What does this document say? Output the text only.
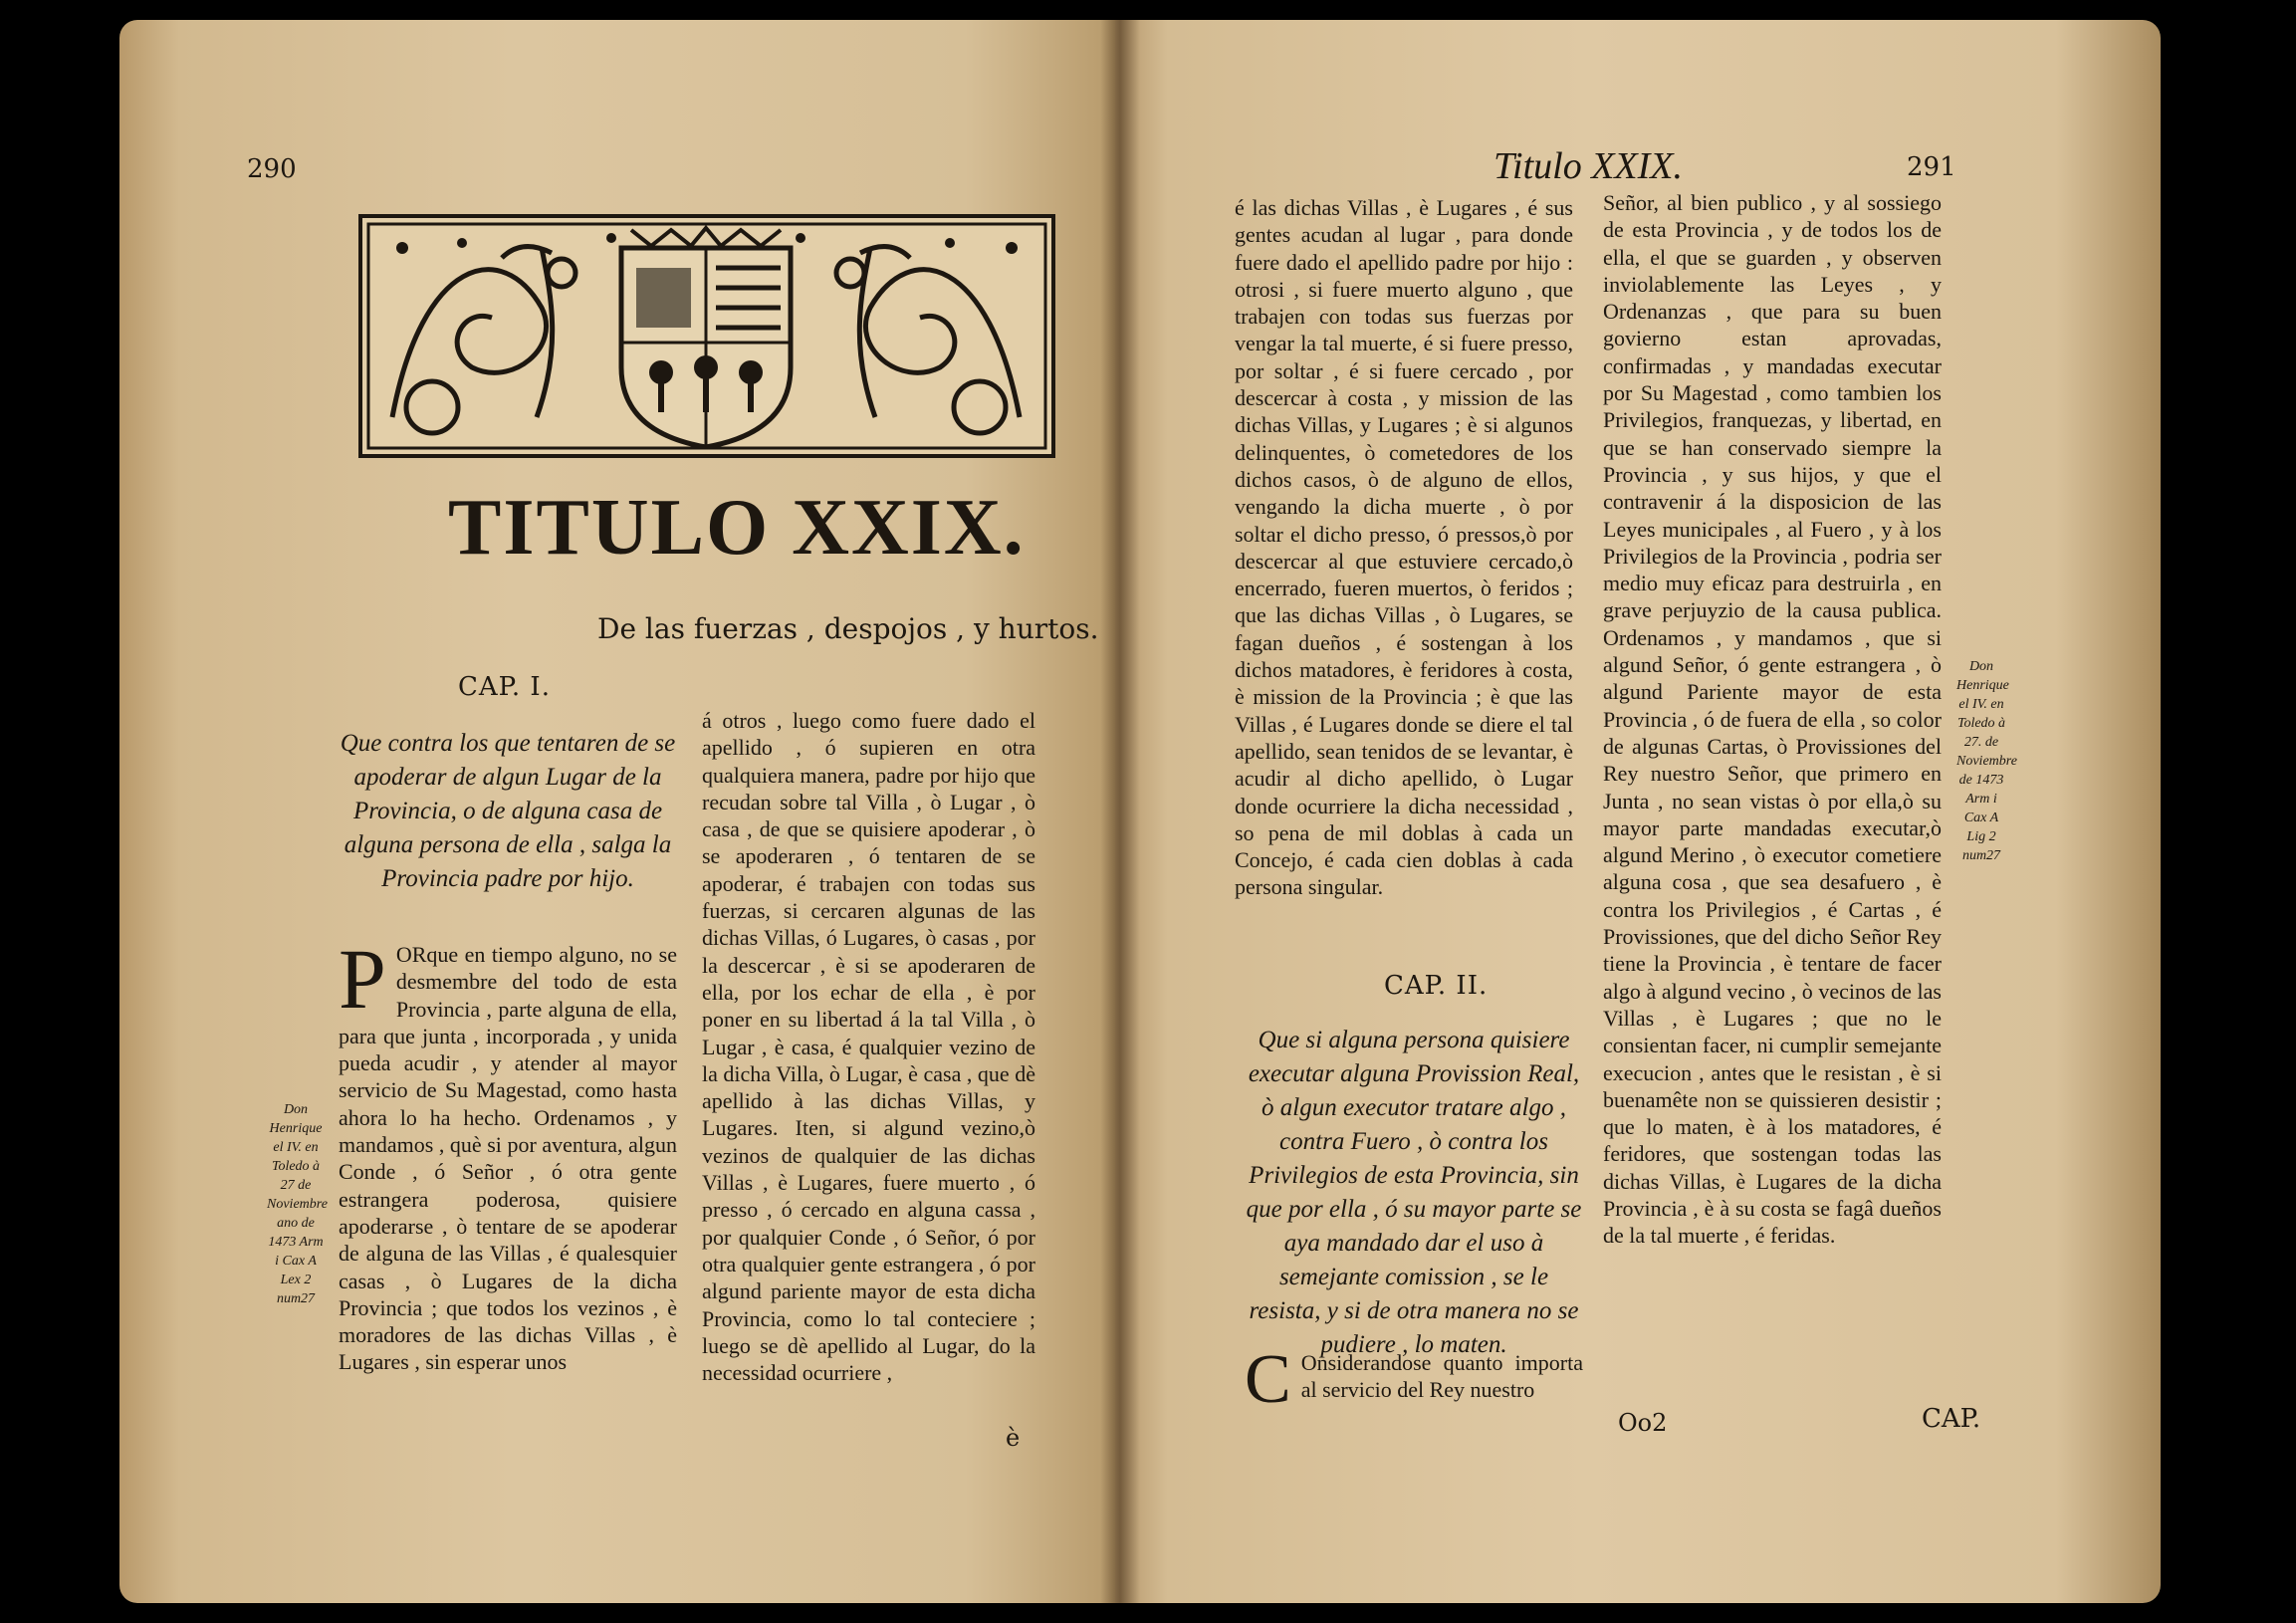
290
TITULO XXIX.
De las fuerzas , despojos , y hurtos.
CAP. I.
Que contra los que tentaren de se apoderar de algun Lugar de la Provincia, o de alguna casa de alguna persona de ella , salga la Provincia padre por hijo.
P ORque en tiempo alguno, no se desmembre del todo de esta Provincia , parte alguna de ella, para que junta , incorporada , y unida pueda acudir , y atender al mayor servicio de Su Magestad, como hasta ahora lo ha hecho. Ordenamos , y mandamos , què si por aventura, algun Conde , ó Señor , ó otra gente estrangera poderosa, quisiere apoderarse , ò tentare de se apoderar de alguna de las Villas , é qualesquier casas , ò Lugares de la dicha Provincia ; que todos los vezinos , è moradores de las dichas Villas , è Lugares , sin esperar unos
Don Henrique el IV. en Toledo à 27 de Noviembre ano de 1473 Arm i Cax A Lex 2 num27
á otros , luego como fuere dado el apellido , ó supieren en otra qualquiera manera, padre por hijo que recudan sobre tal Villa , ò Lugar , ò casa , de que se quisiere apoderar , ò se apoderaren , ó tentaren de se apoderar, é trabajen con todas sus fuerzas, si cercaren algunas de las dichas Villas, ó Lugares, ò casas , por la descercar , è si se apoderaren de ella, por los echar de ella , è por poner en su libertad á la tal Villa , ò Lugar , è casa, é qualquier vezino de la dicha Villa, ò Lugar, è casa , que dè apellido à las dichas Villas, y Lugares. Iten, si algund vezino,ò vezinos de qualquier de las dichas Villas , è Lugares, fuere muerto , ó presso , ó cercado en alguna cassa , por qualquier Conde , ó Señor, ó por otra qualquier gente estrangera , ó por algund pariente mayor de esta dicha Provincia, como lo tal conteciere ; luego se dè apellido al Lugar, do la necessidad ocurriere ,
è
Titulo XXIX.	291
é las dichas Villas , è Lugares , é sus gentes acudan al lugar , para donde fuere dado el apellido padre por hijo : otrosi , si fuere muerto alguno , que trabajen con todas sus fuerzas por vengar la tal muerte, é si fuere presso, por soltar , é si fuere cercado , por descercar à costa , y mission de las dichas Villas, y Lugares ; è si algunos delinquentes, ò cometedores de los dichos casos, ò de alguno de ellos, vengando la dicha muerte , ò por soltar el dicho presso, ó pressos,ò por descercar al que estuviere cercado,ò encerrado, fueren muertos, ò feridos ; que las dichas Villas , ò Lugares, se fagan dueños , é sostengan à los dichos matadores, è feridores à costa, è mission de la Provincia ; è que las Villas , é Lugares donde se diere el tal apellido, sean tenidos de se levantar, è acudir al dicho apellido, ò Lugar donde ocurriere la dicha necessidad , so pena de mil doblas à cada un Concejo, é cada cien doblas à cada persona singular.
CAP. II.
Que si alguna persona quisiere executar alguna Provission Real, ò algun executor tratare algo , contra Fuero , ò contra los Privilegios de esta Provincia, sin que por ella , ó su mayor parte se aya mandado dar el uso à semejante comission , se le resista, y si de otra manera no se pudiere , lo maten.
C Onsiderandose quanto importa al servicio del Rey nuestro
Señor, al bien publico , y al sossiego de esta Provincia , y de todos los de ella, el que se guarden , y observen inviolablemente las Leyes , y Ordenanzas , que para su buen govierno estan aprovadas, confirmadas , y mandadas executar por Su Magestad , como tambien los Privilegios, franquezas, y libertad, en que se han conservado siempre la Provincia , y sus hijos, y que el contravenir á la disposicion de las Leyes municipales , al Fuero , y à los Privilegios de la Provincia , podria ser medio muy eficaz para destruirla , en grave perjuyzio de la causa publica. Ordenamos , y mandamos , que si algund Señor, ó gente estrangera , ò algund Pariente mayor de esta Provincia , ó de fuera de ella , so color de algunas Cartas, ò Provissiones del Rey nuestro Señor, que primero en Junta , no sean vistas ò por ella,ò su mayor parte mandadas executar,ò algund Merino , ò executor cometiere alguna cosa , que sea desafuero , è contra los Privilegios , é Cartas , é Provissiones, que del dicho Señor Rey tiene la Provincia , è tentare de facer algo à algund vecino , ò vecinos de las Villas , è Lugares ; que no le consientan facer, ni cumplir semejante execucion , antes que le resistan , è si buenamête non se quissieren desistir ; que lo maten, è à los matadores, é feridores, que sostengan todas las dichas Villas, è Lugares de la dicha Provincia , è à su costa se fagâ dueños de la tal muerte , é feridas.
Don Henrique el IV. en Toledo à 27. de Noviembre de 1473 Arm i Cax A Lig 2 num27
Oo2	CAP.
